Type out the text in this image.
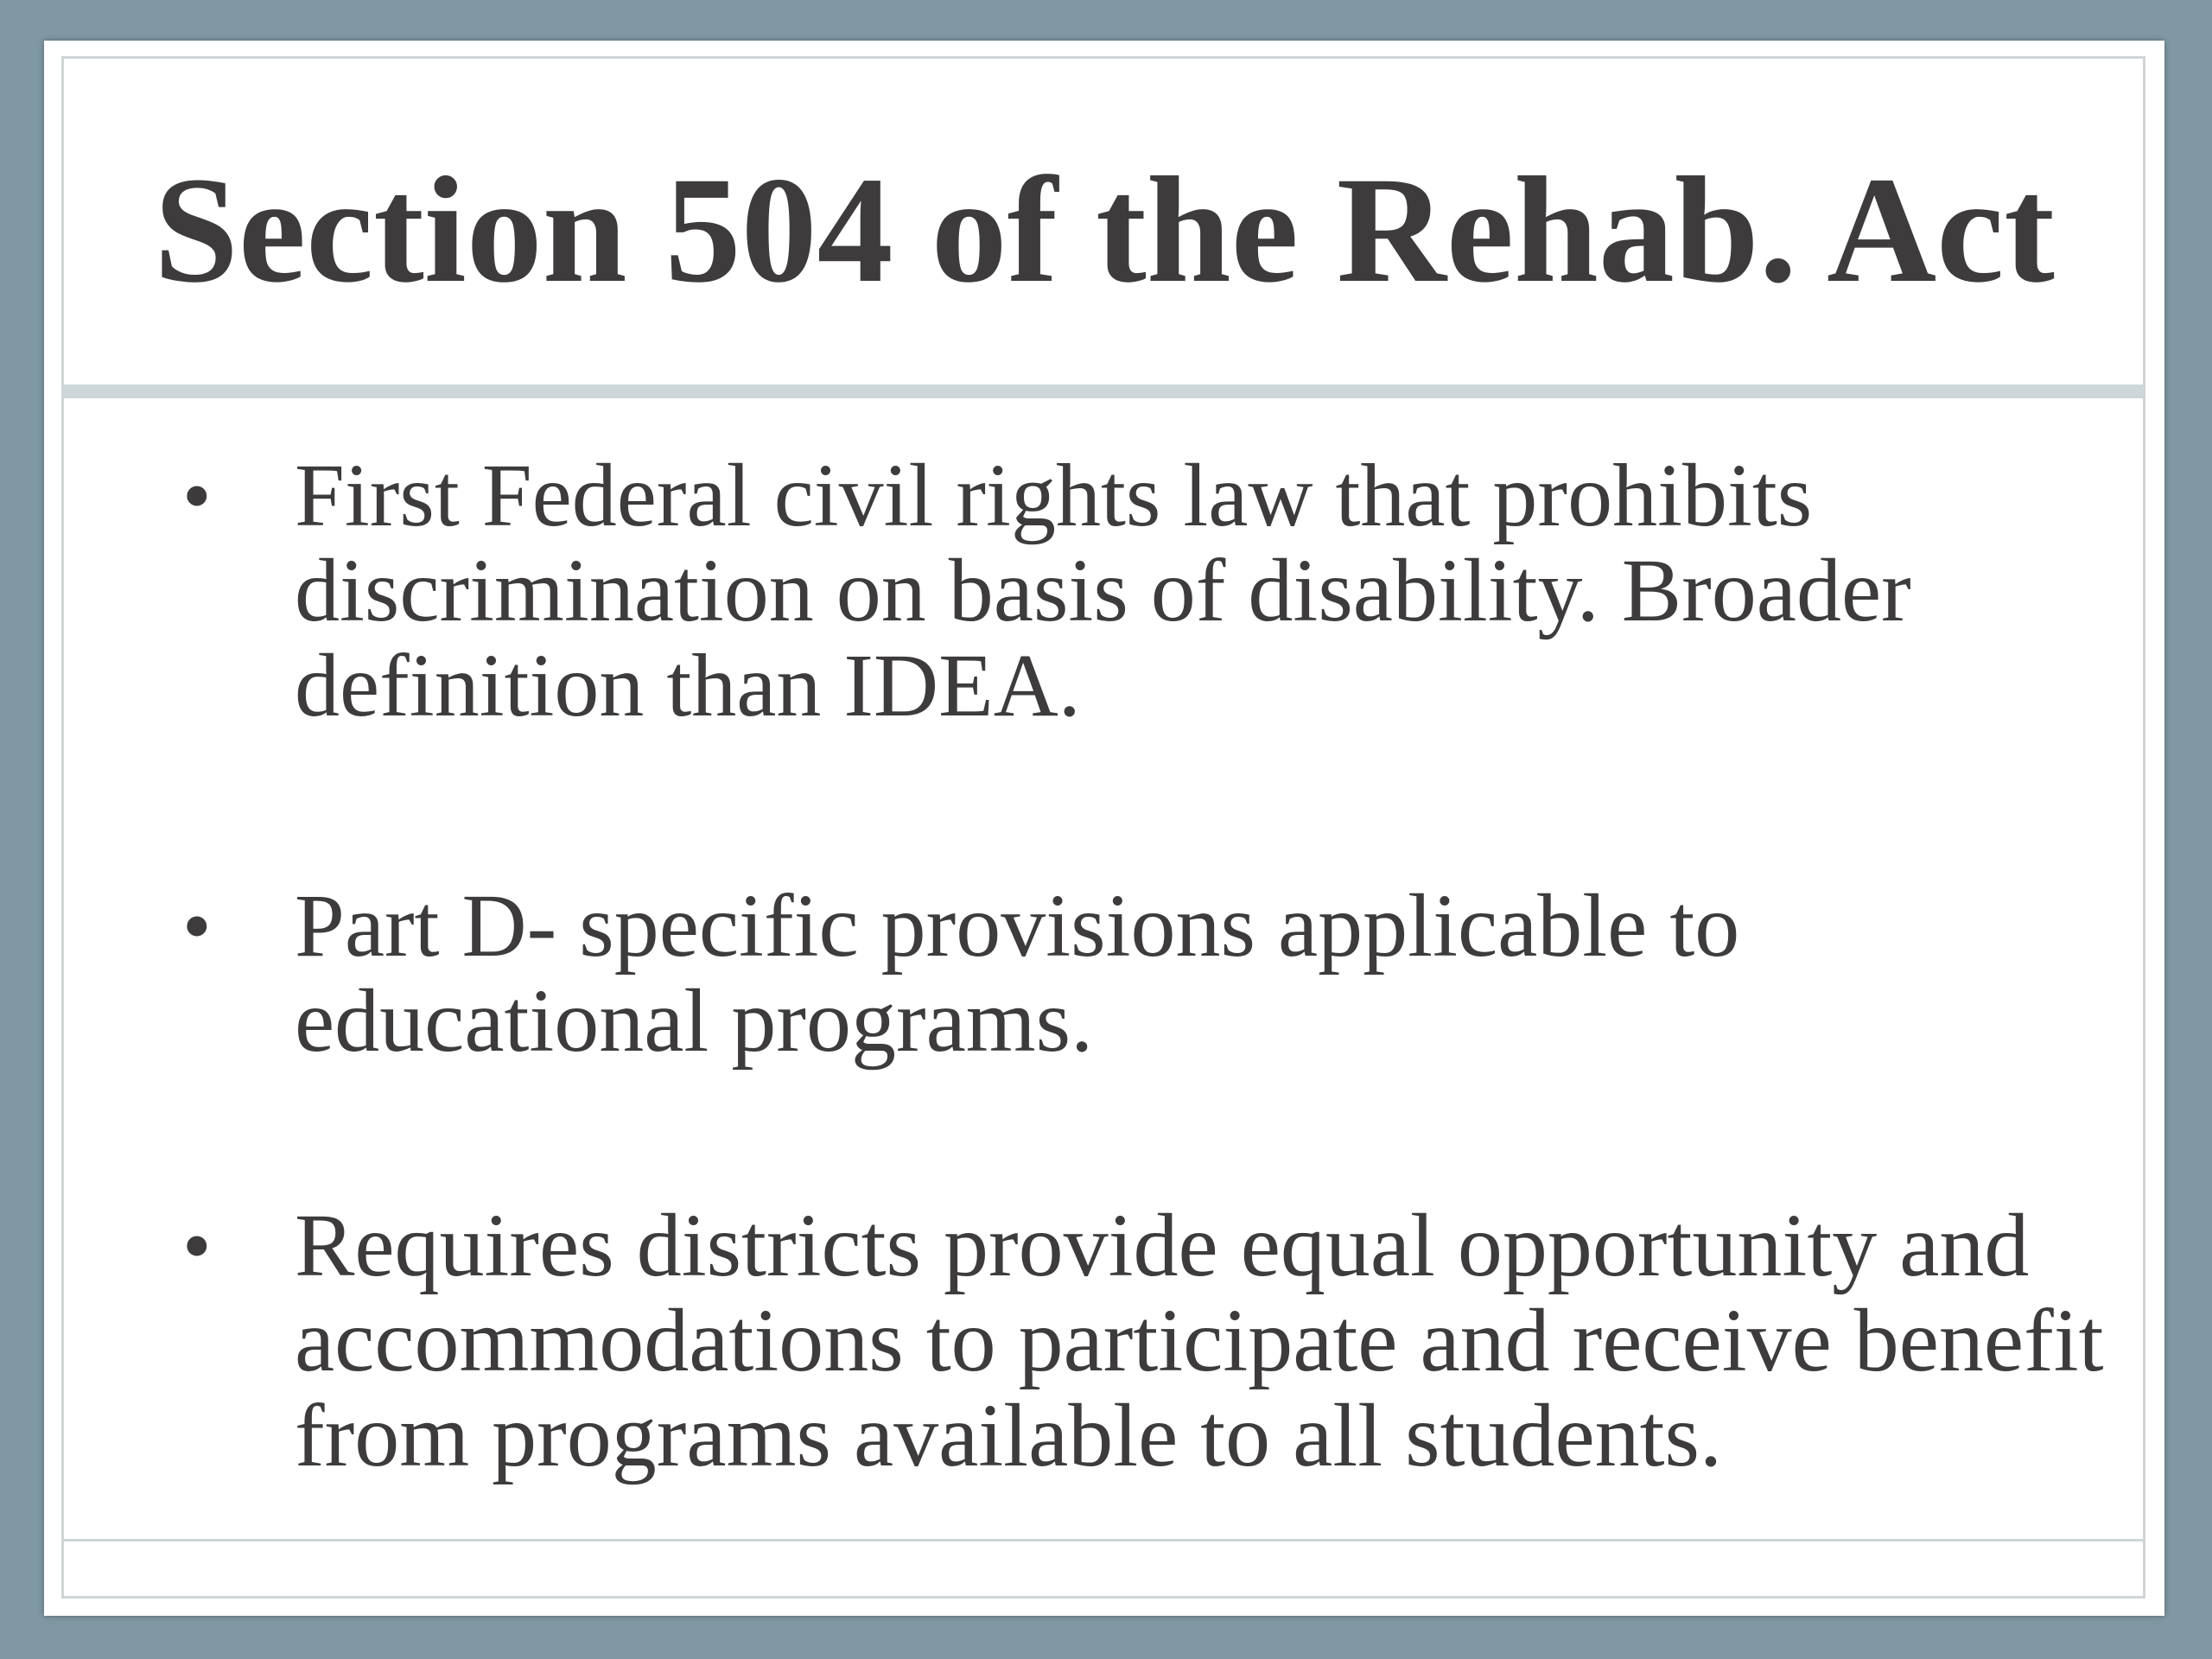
Section 504 of the Rehab. Act
• First Federal civil rights law that prohibits discrimination on basis of disability. Broader definition than IDEA.
• Part D- specific provisions applicable to educational programs.
• Requires districts provide equal opportunity and accommodations to participate and receive benefit from programs available to all students.
